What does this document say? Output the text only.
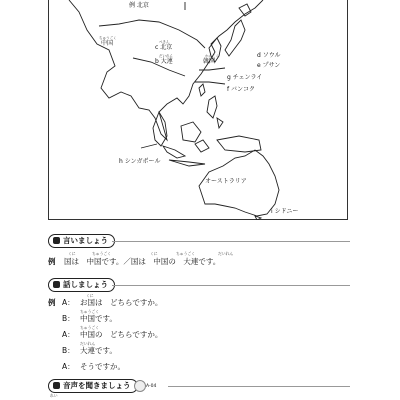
例 北京
ちゅうごく
中国	ぺきん
c 北京
だいれん
b 大連
かんこく
韓国
d ソウル
e プサン
g チェンライ
f バンコク
h シンガポール
オーストラリア
i シドニー
言いましょう
くに	ちゅうごく	くに	ちゅうごく	だいれん
例 国は　中国です。／国は　中国の　大連です。
話しましょう
例
くに
A： お国は　どちらですか。
ちゅうごく
B： 中国です。
ちゅうごく
A： 中国の　どちらですか。
だいれん
B： 大連です。
A： そうですか。
音声を聞きましょう	A-04
れい
